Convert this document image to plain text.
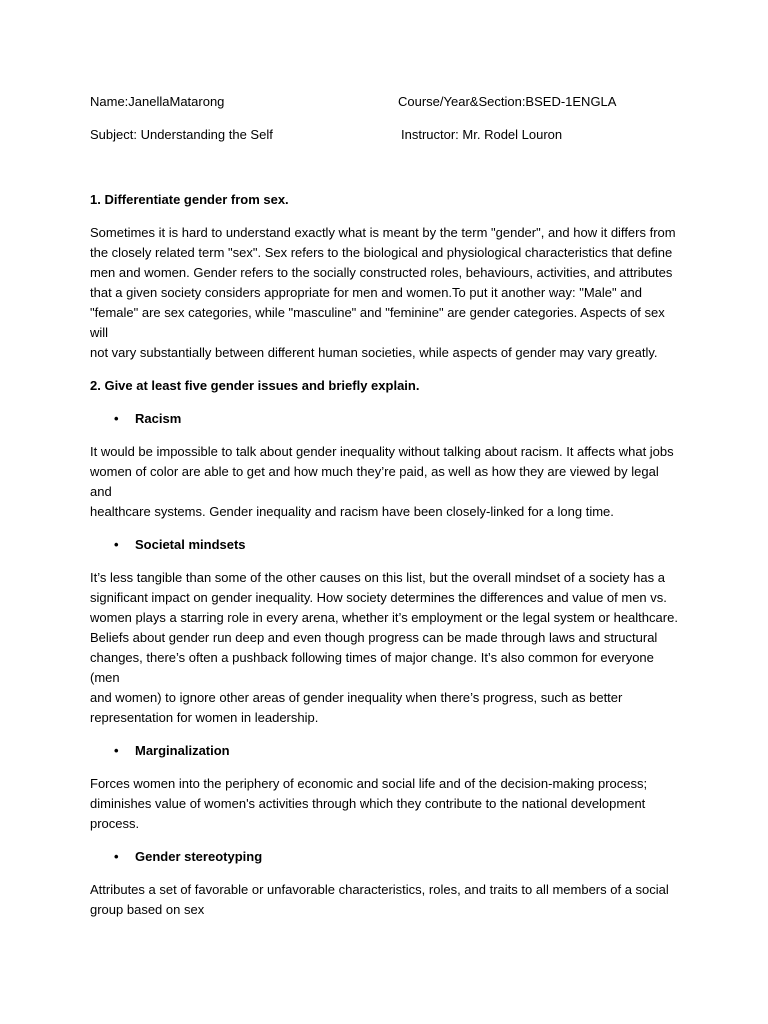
Name:JanellaMatarong	Course/Year&Section:BSED-1ENGLA
Subject: Understanding the Self	Instructor: Mr. Rodel Louron

1. Differentiate gender from sex.

Sometimes it is hard to understand exactly what is meant by the term "gender", and how it differs from
the closely related term "sex". Sex refers to the biological and physiological characteristics that define
men and women. Gender refers to the socially constructed roles, behaviours, activities, and attributes
that a given society considers appropriate for men and women.To put it another way: "Male" and
"female" are sex categories, while "masculine" and "feminine" are gender categories. Aspects of sex will
not vary substantially between different human societies, while aspects of gender may vary greatly.

2. Give at least five gender issues and briefly explain.

• Racism

It would be impossible to talk about gender inequality without talking about racism. It affects what jobs
women of color are able to get and how much they’re paid, as well as how they are viewed by legal and
healthcare systems. Gender inequality and racism have been closely-linked for a long time.

• Societal mindsets

It’s less tangible than some of the other causes on this list, but the overall mindset of a society has a
significant impact on gender inequality. How society determines the differences and value of men vs.
women plays a starring role in every arena, whether it’s employment or the legal system or healthcare.
Beliefs about gender run deep and even though progress can be made through laws and structural
changes, there’s often a pushback following times of major change. It’s also common for everyone (men
and women) to ignore other areas of gender inequality when there’s progress, such as better
representation for women in leadership.

• Marginalization

Forces women into the periphery of economic and social life and of the decision-making process;
diminishes value of women's activities through which they contribute to the national development
process.

• Gender stereotyping

Attributes a set of favorable or unfavorable characteristics, roles, and traits to all members of a social
group based on sex
